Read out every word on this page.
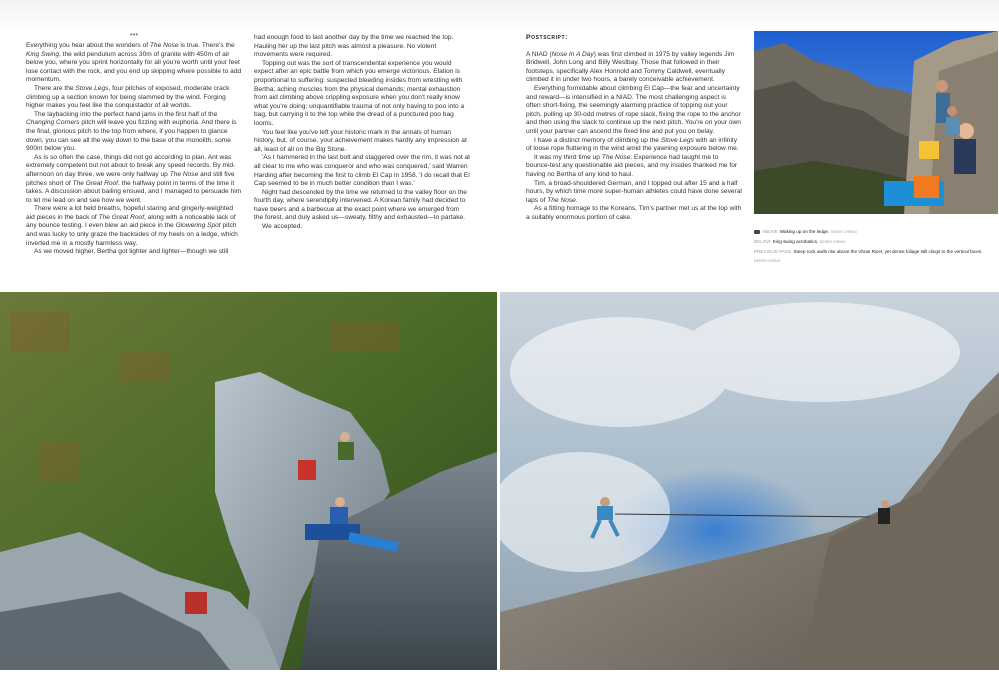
***

Everything you hear about the wonders of The Nose is true. There's the King Swing, the wild pendulum across 30m of granite with 450m of air below you, where you sprint horizontally for all you're worth until your feet lose contact with the rock, and you end up skipping where possible to add momentum.

There are the Stove Legs, four pitches of exposed, moderate crack climbing up a section known for being slammed by the wind. Forging higher makes you feel like the conquistador of all worlds.

The laybacking into the perfect hand jams in the first half of the Changing Corners pitch will leave you fizzing with euphoria. And there is the final, glorious pitch to the top from where, if you happen to glance down, you can see all the way down to the base of the monolith, some 900m below you.

As is so often the case, things did not go according to plan. Ant was extremely competent but not about to break any speed records. By mid-afternoon on day three, we were only halfway up The Nose and still five pitches short of The Great Roof, the halfway point in terms of the time it takes. A discussion about bailing ensued, and I managed to persuade him to let me lead on and see how we went.

There were a lot held breaths, hopeful staring and gingerly-weighted aid pieces in the back of The Great Roof, along with a noticeable lack of any bounce testing. I even blew an aid piece in the Glowering Spot pitch and was lucky to only graze the backsides of my heels on a ledge, which inverted me in a mostly harmless way.

As we moved higher, Bertha got lighter and lighter—though we still

had enough food to last another day by the time we reached the top. Hauling her up the last pitch was almost a pleasure. No violent movements were required.

Topping out was the sort of transcendental experience you would expect after an epic battle from which you emerge victorious. Elation is proportional to suffering: suspected bleeding insides from wrestling with Bertha; aching muscles from the physical demands; mental exhaustion from aid climbing above crippling exposure when you don't really know what you're doing; unquantifiable trauma of not only having to poo into a bag, but carrying it to the top while the dread of a punctured poo bag looms.

You feel like you've left your historic mark in the annals of human history, but, of course, your achievement makes hardly any impression at all, least of all on the Big Stone.

'As I hammered in the last bolt and staggered over the rim, it was not at all clear to me who was conqueror and who was conquered,' said Warren Harding after becoming the first to climb El Cap in 1958. 'I do recall that El Cap seemed to be in much better condition than I was.'

Night had descended by the time we returned to the valley floor on the fourth day, where serendipity intervened. A Korean family had decided to have beers and a barbecue at the exact point where we emerged from the forest, and duly asked us—sweaty, filthy and exhausted—to partake.

We accepted.

Postscript:

A NIAD (Nose In A Day) was first climbed in 1975 by valley legends Jim Bridwell, John Long and Billy Westbay. Those that followed in their footsteps, specifically Alex Honnold and Tommy Caldwell, eventually climbed it in under two hours, a barely conceivable achievement.

Everything formidable about climbing El Cap—the fear and uncertainty and reward—is intensified in a NIAD. The most challenging aspect is often short-fixing, the seemingly alarming practice of topping out your pitch, pulling up 30-odd metres of rope slack, fixing the rope to the anchor and then using the slack to continue up the next pitch. You're on your own until your partner can ascend the fixed line and put you on belay.

I have a distinct memory of climbing up the Stove Legs with an infinity of loose rope fluttering in the wind amid the yawning exposure below me.

It was my third time up The Nose. Experience had taught me to bounce-test any questionable aid pieces, and my insides thanked me for having no Bertha of any kind to haul.

Tim, a broad-shouldered German, and I topped out after 15 and a half hours, by which time more super-human athletes could have done several laps of The Nose.

As a fitting homage to the Koreans, Tim's partner met us at the top with a suitably enormous portion of cake.

ABOVE Waking up on the ledge. DEREK CHENG
BELOW King swing acrobatics. DEREK CHENG
PREVIOUS PAGE Steep rock walls rise above the Vbras River, yet dense foliage still clings to the vertical faces. DEREK CHENG
